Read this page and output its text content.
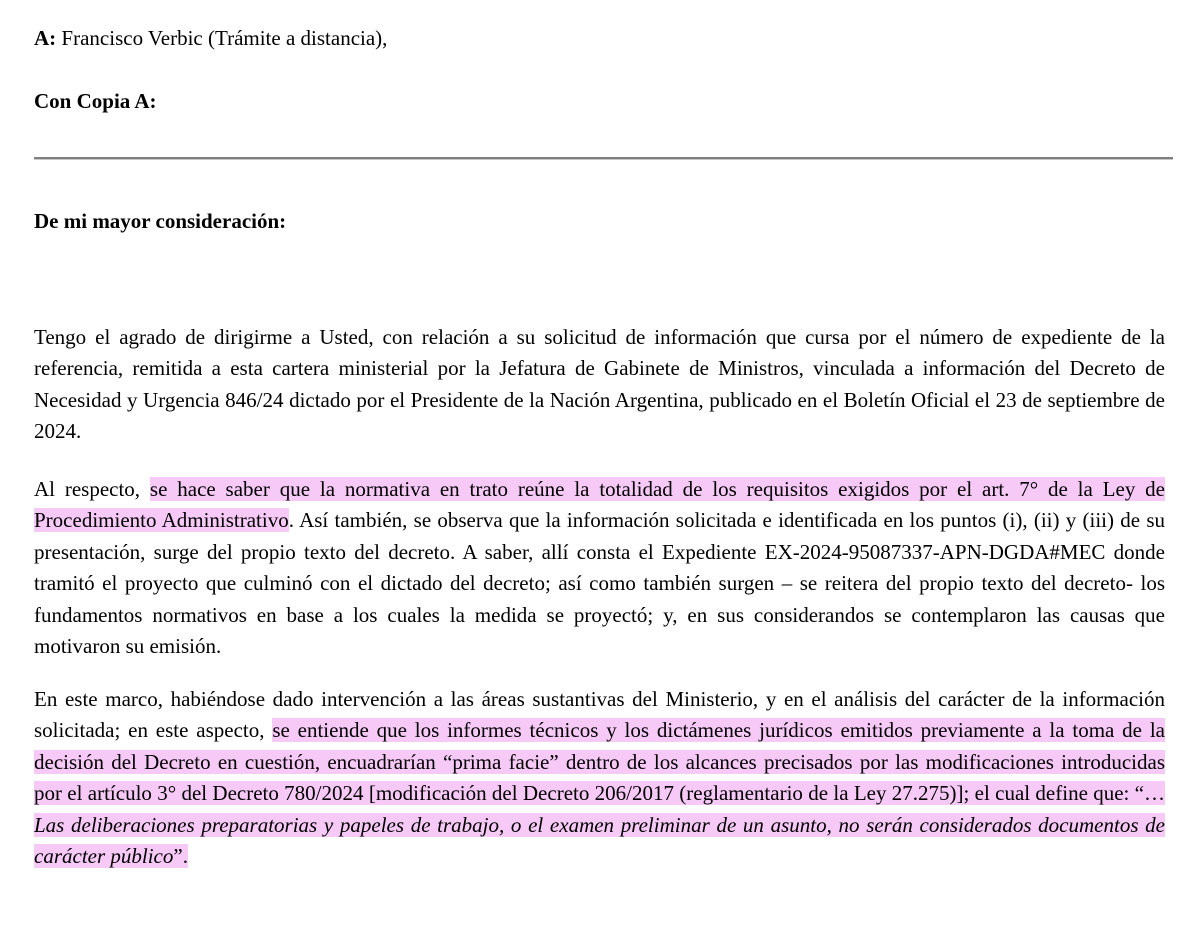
A: Francisco Verbic (Trámite a distancia),
Con Copia A:
De mi mayor consideración:

Tengo el agrado de dirigirme a Usted, con relación a su solicitud de información que cursa por el número de expediente de la referencia, remitida a esta cartera ministerial por la Jefatura de Gabinete de Ministros, vinculada a información del Decreto de Necesidad y Urgencia 846/24 dictado por el Presidente de la Nación Argentina, publicado en el Boletín Oficial el 23 de septiembre de 2024.

Al respecto, se hace saber que la normativa en trato reúne la totalidad de los requisitos exigidos por el art. 7° de la Ley de Procedimiento Administrativo. Así también, se observa que la información solicitada e identificada en los puntos (i), (ii) y (iii) de su presentación, surge del propio texto del decreto. A saber, allí consta el Expediente EX-2024-95087337-APN-DGDA#MEC donde tramitó el proyecto que culminó con el dictado del decreto; así como también surgen – se reitera del propio texto del decreto- los fundamentos normativos en base a los cuales la medida se proyectó; y, en sus considerandos se contemplaron las causas que motivaron su emisión.

En este marco, habiéndose dado intervención a las áreas sustantivas del Ministerio, y en el análisis del carácter de la información solicitada; en este aspecto, se entiende que los informes técnicos y los dictámenes jurídicos emitidos previamente a la toma de la decisión del Decreto en cuestión, encuadrarían “prima facie” dentro de los alcances precisados por las modificaciones introducidas por el artículo 3° del Decreto 780/2024 [modificación del Decreto 206/2017 (reglamentario de la Ley 27.275)]; el cual define que: “…Las deliberaciones preparatorias y papeles de trabajo, o el examen preliminar de un asunto, no serán considerados documentos de carácter público”.
